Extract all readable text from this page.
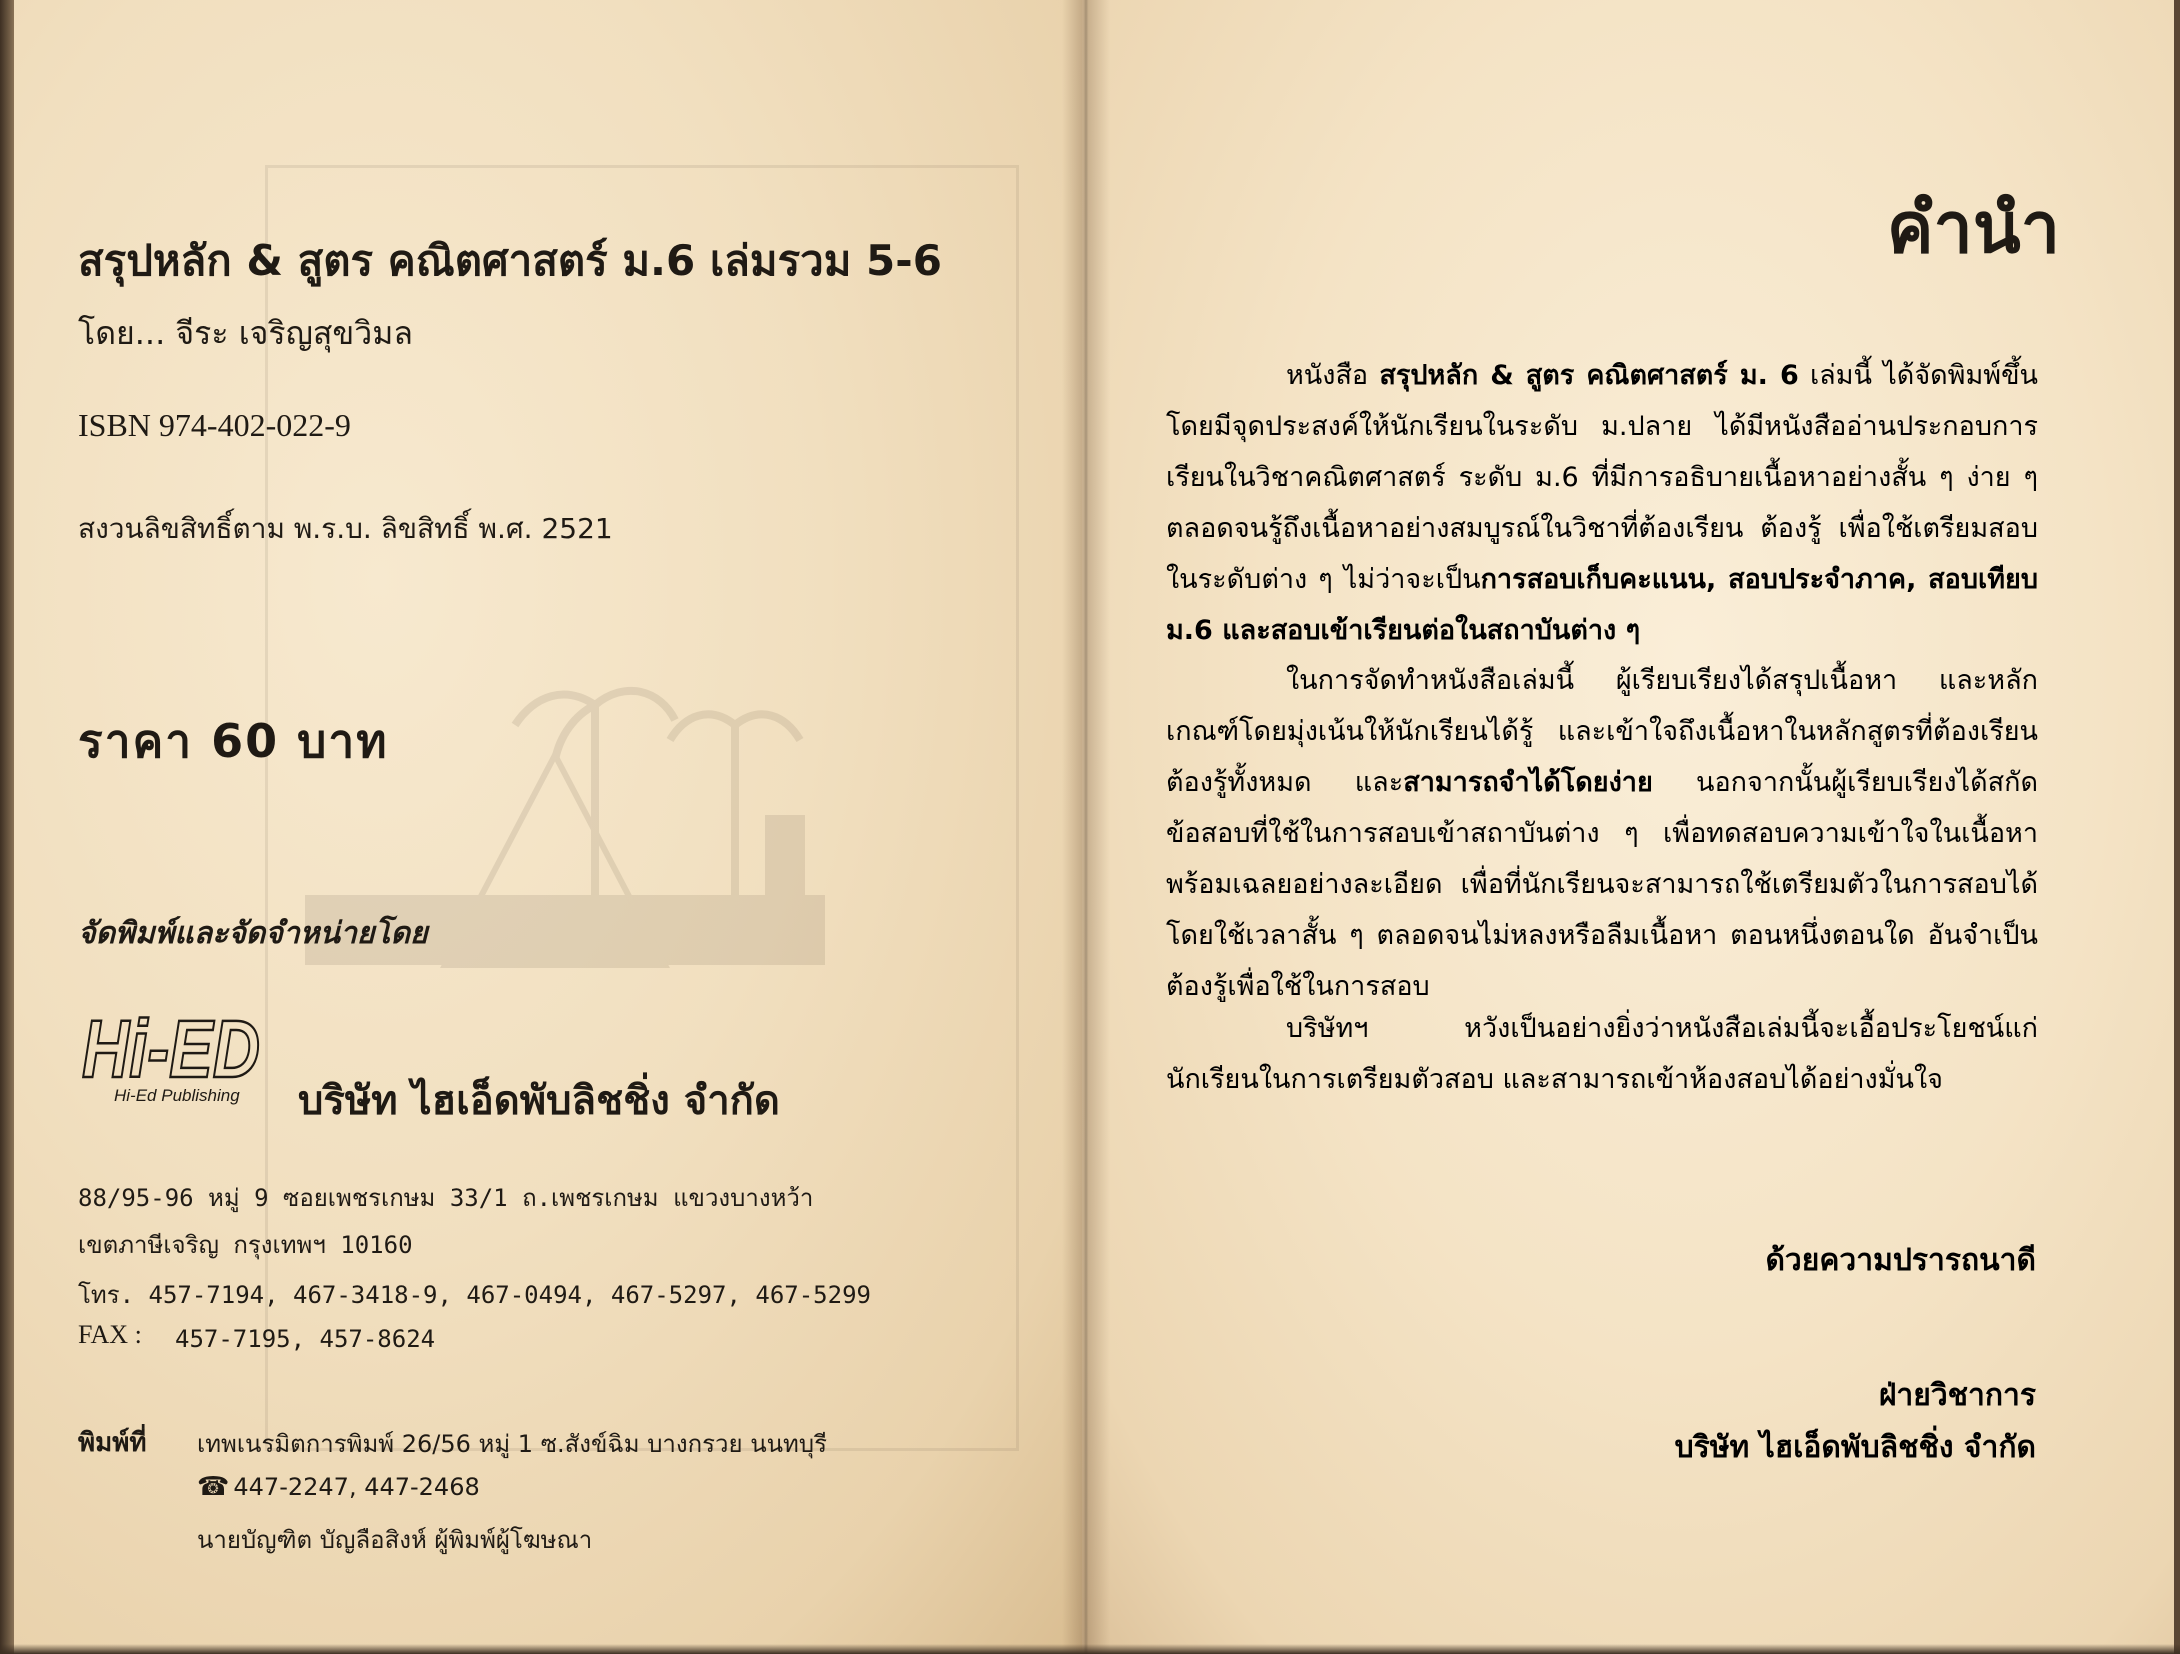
สรุปหลัก & สูตร คณิตศาสตร์ ม.6 เล่มรวม 5-6
โดย... จีระ เจริญสุขวิมล
ISBN 974-402-022-9
สงวนลิขสิทธิ์ตาม พ.ร.บ. ลิขสิทธิ์ พ.ศ. 2521
ราคา 60 บาท
จัดพิมพ์และจัดจำหน่ายโดย
Hi-ED
Hi-Ed Publishing บริษัท ไฮเอ็ดพับลิชชิ่ง จำกัด
88/95-96 หมู่ 9 ซอยเพชรเกษม 33/1 ถ.เพชรเกษม แขวงบางหว้า
เขตภาษีเจริญ กรุงเทพฯ 10160
โทร. 457-7194, 467-3418-9, 467-0494, 467-5297, 467-5299
FAX : 457-7195, 457-8624
พิมพ์ที่ เทพเนรมิตการพิมพ์ 26/56 หมู่ 1 ซ.สังข์ฉิม บางกรวย นนทบุรี
☎ 447-2247, 447-2468
นายบัญฑิต บัญลือสิงห์ ผู้พิมพ์ผู้โฆษณา
คำนำ

หนังสือ สรุปหลัก & สูตร คณิตศาสตร์ ม. 6 เล่มนี้ ได้จัดพิมพ์ขึ้นโดยมีจุดประสงค์ให้นักเรียนในระดับ ม.ปลาย ได้มีหนังสืออ่านประกอบการเรียนในวิชาคณิตศาสตร์ ระดับ ม.6 ที่มีการอธิบายเนื้อหาอย่างสั้น ๆ ง่าย ๆ ตลอดจนรู้ถึงเนื้อหาอย่างสมบูรณ์ในวิชาที่ต้องเรียน ต้องรู้ เพื่อใช้เตรียมสอบในระดับต่าง ๆ ไม่ว่าจะเป็นการสอบเก็บคะแนน, สอบประจำภาค, สอบเทียบ ม.6 และสอบเข้าเรียนต่อในสถาบันต่าง ๆ

ในการจัดทำหนังสือเล่มนี้ ผู้เรียบเรียงได้สรุปเนื้อหา และหลักเกณฑ์โดยมุ่งเน้นให้นักเรียนได้รู้ และเข้าใจถึงเนื้อหาในหลักสูตรที่ต้องเรียน ต้องรู้ทั้งหมด และสามารถจำได้โดยง่าย นอกจากนั้นผู้เรียบเรียงได้สกัดข้อสอบที่ใช้ในการสอบเข้าสถาบันต่าง ๆ เพื่อทดสอบความเข้าใจในเนื้อหาพร้อมเฉลยอย่างละเอียด เพื่อที่นักเรียนจะสามารถใช้เตรียมตัวในการสอบได้โดยใช้เวลาสั้น ๆ ตลอดจนไม่หลงหรือลืมเนื้อหา ตอนหนึ่งตอนใด อันจำเป็นต้องรู้เพื่อใช้ในการสอบ

บริษัทฯ หวังเป็นอย่างยิ่งว่าหนังสือเล่มนี้จะเอื้อประโยชน์แก่นักเรียนในการเตรียมตัวสอบ และสามารถเข้าห้องสอบได้อย่างมั่นใจ

ด้วยความปรารถนาดี
ฝ่ายวิชาการ
บริษัท ไฮเอ็ดพับลิชชิ่ง จำกัด
